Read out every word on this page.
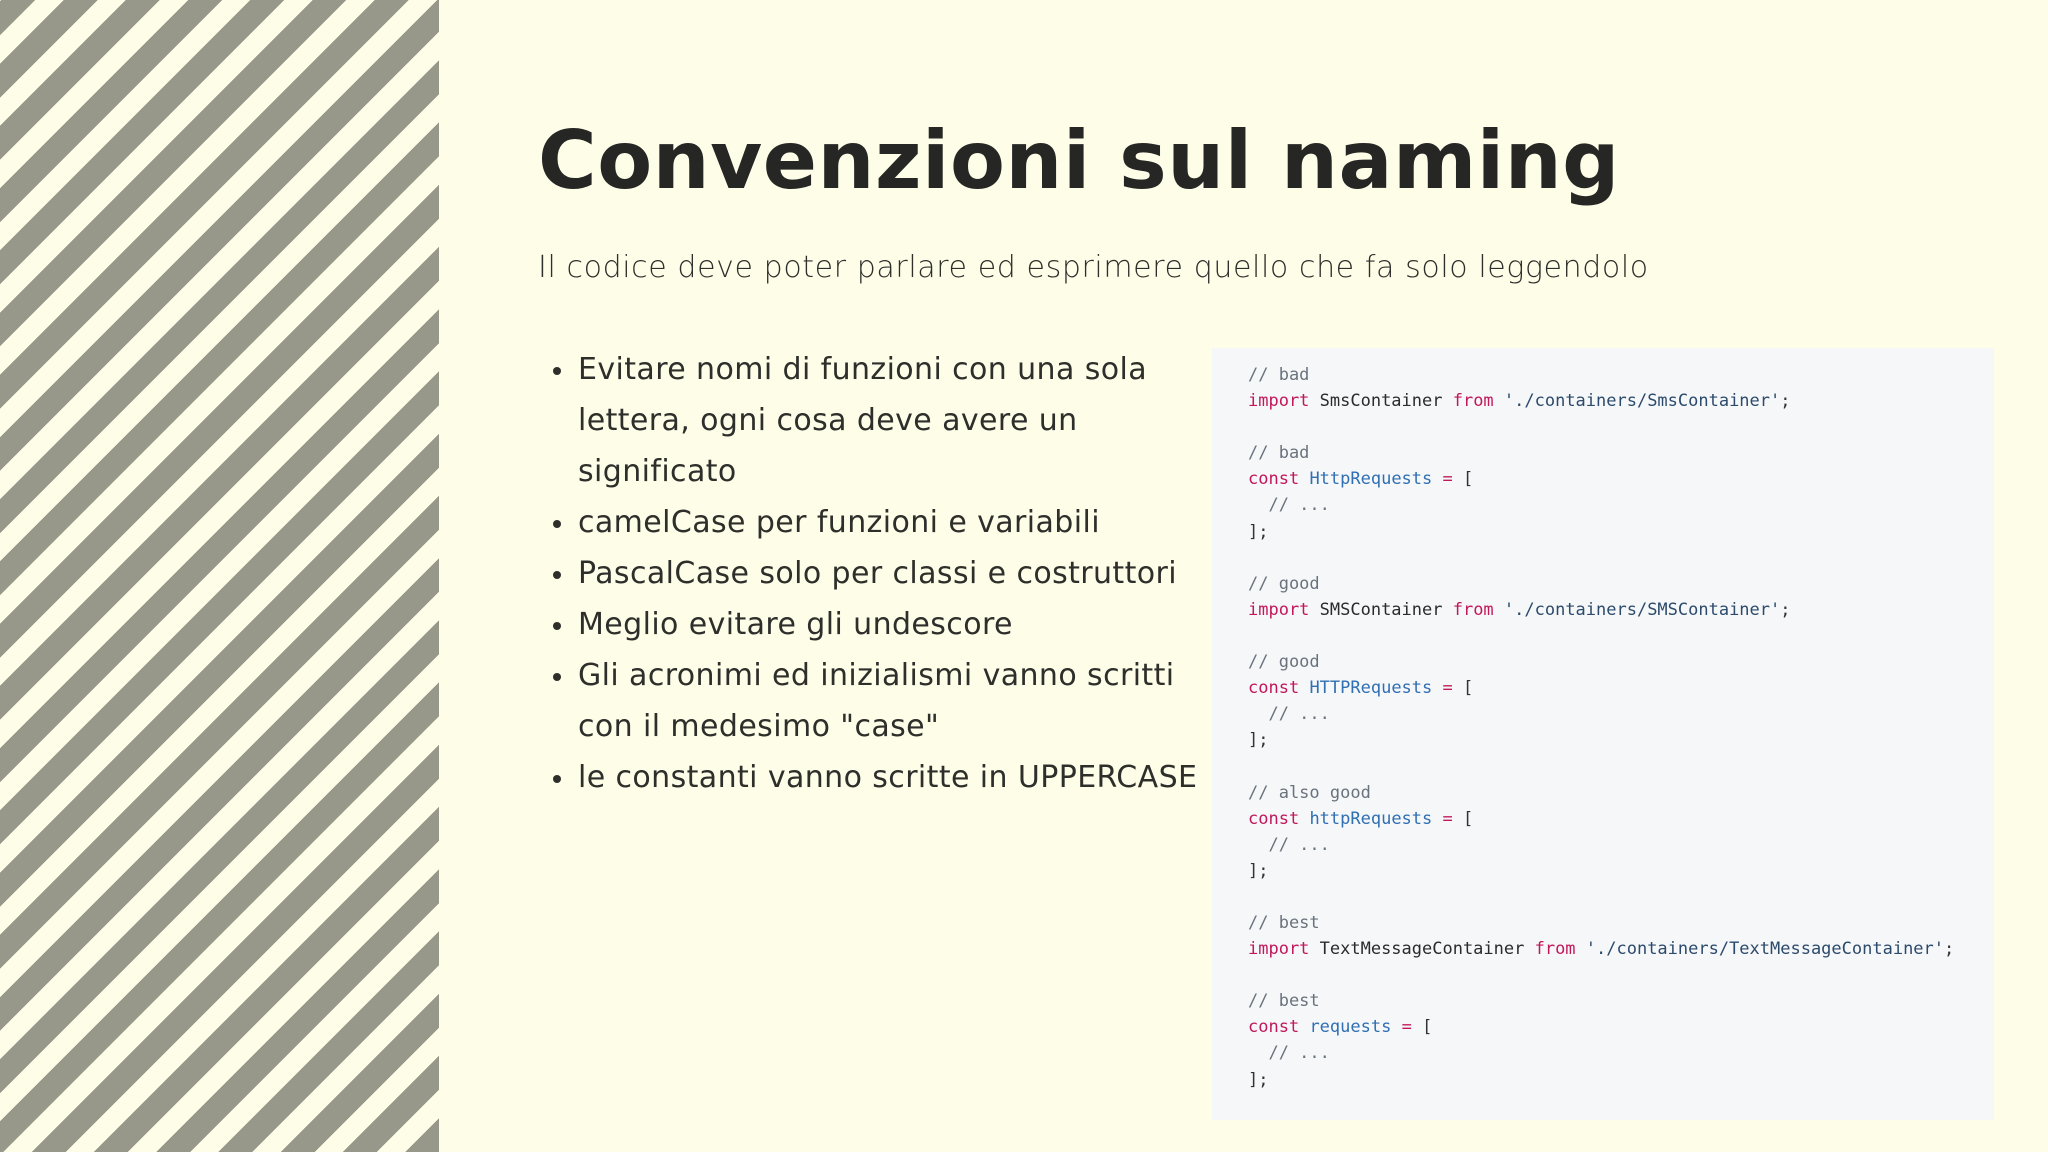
Convenzioni sul naming

Il codice deve poter parlare ed esprimere quello che fa solo leggendolo

Evitare nomi di funzioni con una sola lettera, ogni cosa deve avere un significato
camelCase per funzioni e variabili
PascalCase solo per classi e costruttori
Meglio evitare gli undescore
Gli acronimi ed inizialismi vanno scritti con il medesimo "case"
le constanti vanno scritte in UPPERCASE
// bad
import SmsContainer from './containers/SmsContainer';

// bad
const HttpRequests = [
// ...
];

// good
import SMSContainer from './containers/SMSContainer';

// good
const HTTPRequests = [
// ...
];

// also good
const httpRequests = [
// ...
];

// best
import TextMessageContainer from './containers/TextMessageContainer';

// best
const requests = [
// ...
];
